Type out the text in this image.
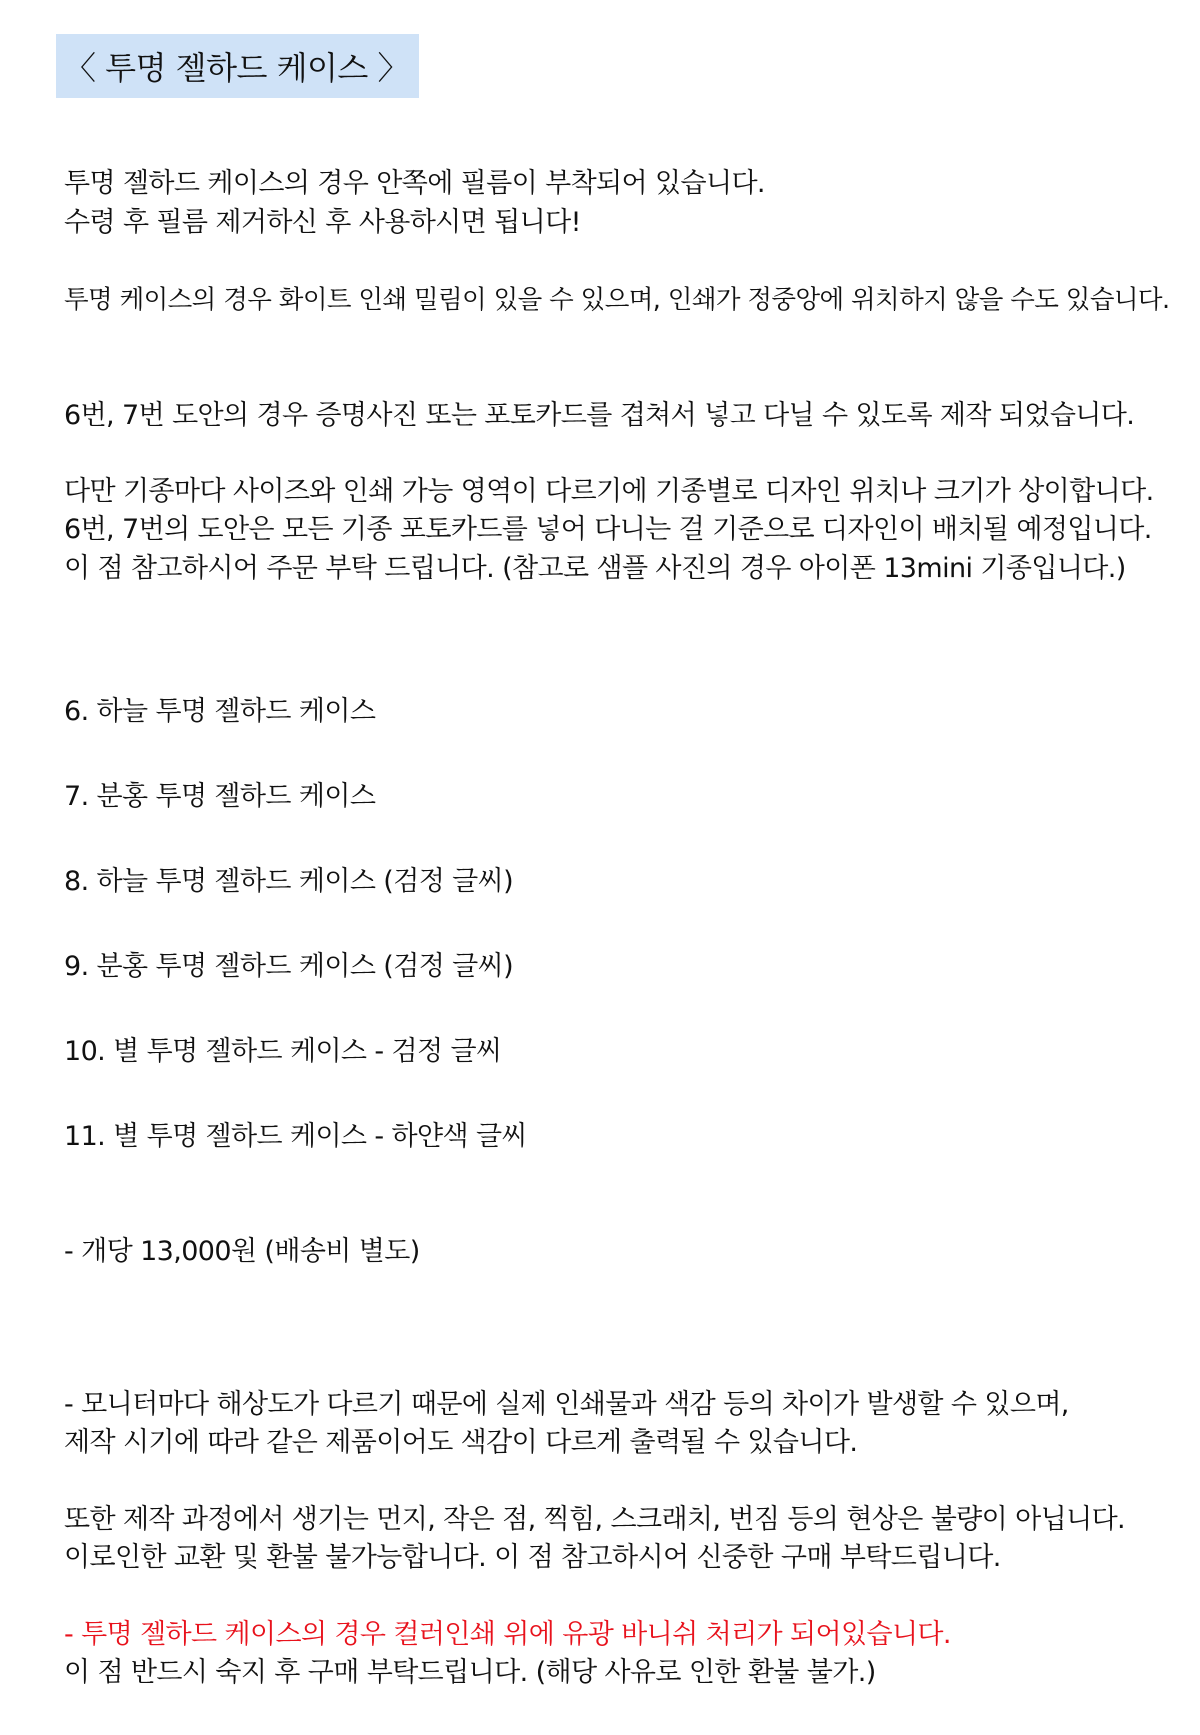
〈 투명 젤하드 케이스 〉
투명 젤하드 케이스의 경우 안쪽에 필름이 부착되어 있습니다.
수령 후 필름 제거하신 후 사용하시면 됩니다!
투명 케이스의 경우 화이트 인쇄 밀림이 있을 수 있으며, 인쇄가 정중앙에 위치하지 않을 수도 있습니다.
6번, 7번 도안의 경우 증명사진 또는 포토카드를 겹쳐서 넣고 다닐 수 있도록 제작 되었습니다.
다만 기종마다 사이즈와 인쇄 가능 영역이 다르기에 기종별로 디자인 위치나 크기가 상이합니다.
6번, 7번의 도안은 모든 기종 포토카드를 넣어 다니는 걸 기준으로 디자인이 배치될 예정입니다.
이 점 참고하시어 주문 부탁 드립니다. (참고로 샘플 사진의 경우 아이폰 13mini 기종입니다.)
6. 하늘 투명 젤하드 케이스
7. 분홍 투명 젤하드 케이스
8. 하늘 투명 젤하드 케이스 (검정 글씨)
9. 분홍 투명 젤하드 케이스 (검정 글씨)
10. 별 투명 젤하드 케이스 - 검정 글씨
11. 별 투명 젤하드 케이스 - 하얀색 글씨
- 개당 13,000원 (배송비 별도)
- 모니터마다 해상도가 다르기 때문에 실제 인쇄물과 색감 등의 차이가 발생할 수 있으며,
제작 시기에 따라 같은 제품이어도 색감이 다르게 출력될 수 있습니다.
또한 제작 과정에서 생기는 먼지, 작은 점, 찍힘, 스크래치, 번짐 등의 현상은 불량이 아닙니다.
이로인한 교환 및 환불 불가능합니다. 이 점 참고하시어 신중한 구매 부탁드립니다.
- 투명 젤하드 케이스의 경우 컬러인쇄 위에 유광 바니쉬 처리가 되어있습니다.
이 점 반드시 숙지 후 구매 부탁드립니다. (해당 사유로 인한 환불 불가.)
